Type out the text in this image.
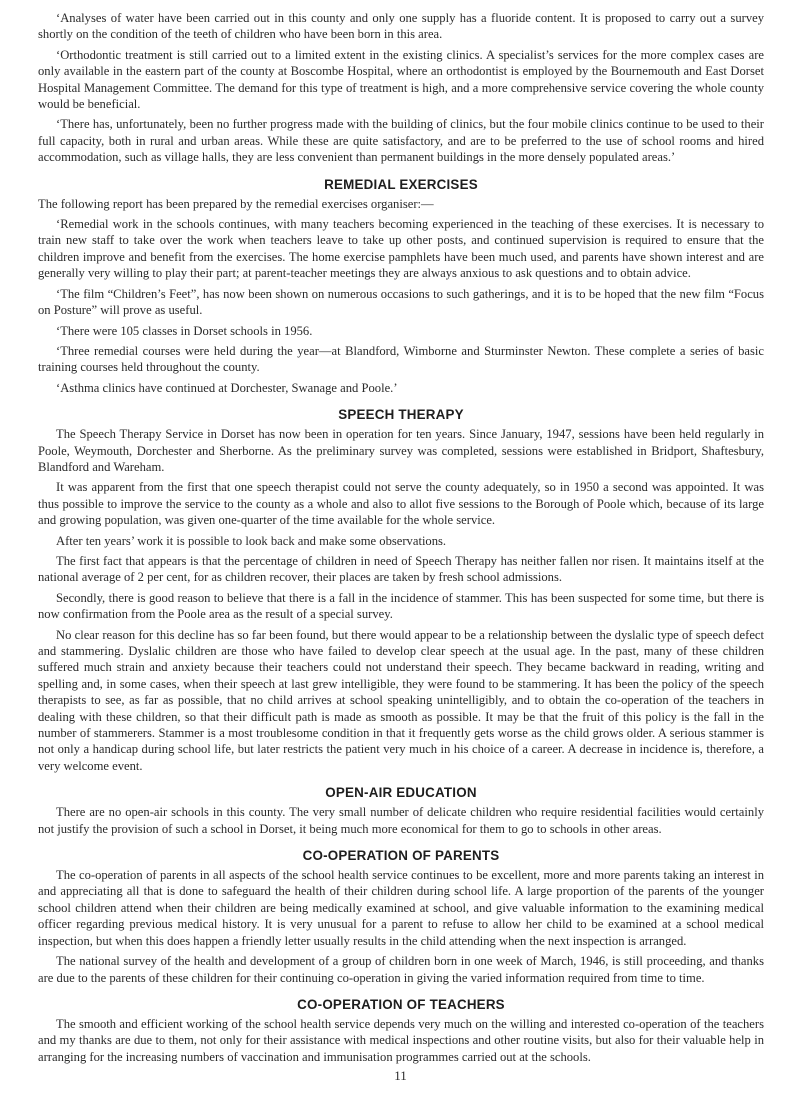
‘Analyses of water have been carried out in this county and only one supply has a fluoride content. It is proposed to carry out a survey shortly on the condition of the teeth of children who have been born in this area.

‘Orthodontic treatment is still carried out to a limited extent in the existing clinics. A specialist’s services for the more complex cases are only available in the eastern part of the county at Boscombe Hospital, where an orthodontist is employed by the Bournemouth and East Dorset Hospital Management Committee. The demand for this type of treatment is high, and a more comprehensive service covering the whole county would be beneficial.

‘There has, unfortunately, been no further progress made with the building of clinics, but the four mobile clinics continue to be used to their full capacity, both in rural and urban areas. While these are quite satisfactory, and are to be preferred to the use of school rooms and hired accommodation, such as village halls, they are less convenient than permanent buildings in the more densely populated areas.’

REMEDIAL EXERCISES

The following report has been prepared by the remedial exercises organiser:—

‘Remedial work in the schools continues, with many teachers becoming experienced in the teaching of these exercises. It is necessary to train new staff to take over the work when teachers leave to take up other posts, and continued supervision is required to ensure that the children improve and benefit from the exercises. The home exercise pamphlets have been much used, and parents have shown interest and are generally very willing to play their part; at parent-teacher meetings they are always anxious to ask questions and to obtain advice.

‘The film “Children’s Feet”, has now been shown on numerous occasions to such gatherings, and it is to be hoped that the new film “Focus on Posture” will prove as useful.

‘There were 105 classes in Dorset schools in 1956.

‘Three remedial courses were held during the year—at Blandford, Wimborne and Sturminster Newton. These complete a series of basic training courses held throughout the county.

‘Asthma clinics have continued at Dorchester, Swanage and Poole.’

SPEECH THERAPY

The Speech Therapy Service in Dorset has now been in operation for ten years. Since January, 1947, sessions have been held regularly in Poole, Weymouth, Dorchester and Sherborne. As the preliminary survey was completed, sessions were established in Bridport, Shaftesbury, Blandford and Wareham.

It was apparent from the first that one speech therapist could not serve the county adequately, so in 1950 a second was appointed. It was thus possible to improve the service to the county as a whole and also to allot five sessions to the Borough of Poole which, because of its large and growing population, was given one-quarter of the time available for the whole service.

After ten years’ work it is possible to look back and make some observations.

The first fact that appears is that the percentage of children in need of Speech Therapy has neither fallen nor risen. It maintains itself at the national average of 2 per cent, for as children recover, their places are taken by fresh school admissions.

Secondly, there is good reason to believe that there is a fall in the incidence of stammer. This has been suspected for some time, but there is now confirmation from the Poole area as the result of a special survey.

No clear reason for this decline has so far been found, but there would appear to be a relationship between the dyslalic type of speech defect and stammering. Dyslalic children are those who have failed to develop clear speech at the usual age. In the past, many of these children suffered much strain and anxiety because their teachers could not understand their speech. They became backward in reading, writing and spelling and, in some cases, when their speech at last grew intelligible, they were found to be stammering. It has been the policy of the speech therapists to see, as far as possible, that no child arrives at school speaking unintelligibly, and to obtain the co-operation of the teachers in dealing with these children, so that their difficult path is made as smooth as possible. It may be that the fruit of this policy is the fall in the number of stammerers. Stammer is a most troublesome condition in that it frequently gets worse as the child grows older. A serious stammer is not only a handicap during school life, but later restricts the patient very much in his choice of a career. A decrease in incidence is, therefore, a very welcome event.

OPEN-AIR EDUCATION

There are no open-air schools in this county. The very small number of delicate children who require residential facilities would certainly not justify the provision of such a school in Dorset, it being much more economical for them to go to schools in other areas.

CO-OPERATION OF PARENTS

The co-operation of parents in all aspects of the school health service continues to be excellent, more and more parents taking an interest in and appreciating all that is done to safeguard the health of their children during school life. A large proportion of the parents of the younger school children attend when their children are being medically examined at school, and give valuable information to the examining medical officer regarding previous medical history. It is very unusual for a parent to refuse to allow her child to be examined at a school medical inspection, but when this does happen a friendly letter usually results in the child attending when the next inspection is arranged.

The national survey of the health and development of a group of children born in one week of March, 1946, is still proceeding, and thanks are due to the parents of these children for their continuing co-operation in giving the varied information required from time to time.

CO-OPERATION OF TEACHERS

The smooth and efficient working of the school health service depends very much on the willing and interested co-operation of the teachers and my thanks are due to them, not only for their assistance with medical inspections and other routine visits, but also for their valuable help in arranging for the increasing numbers of vaccination and immunisation programmes carried out at the schools.

11
